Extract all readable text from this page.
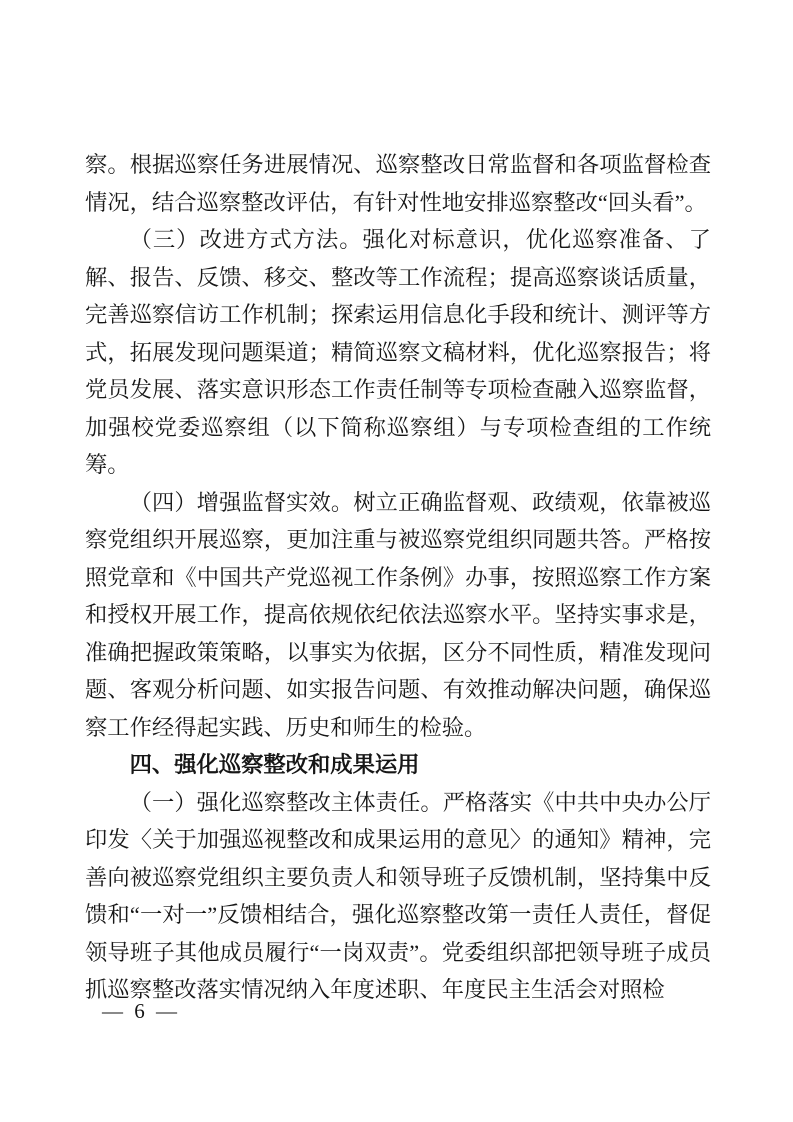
察。根据巡察任务进展情况、巡察整改日常监督和各项监督检查情况，结合巡察整改评估，有针对性地安排巡察整改“回头看”。

（三）改进方式方法。强化对标意识，优化巡察准备、了解、报告、反馈、移交、整改等工作流程；提高巡察谈话质量，完善巡察信访工作机制；探索运用信息化手段和统计、测评等方式，拓展发现问题渠道；精简巡察文稿材料，优化巡察报告；将党员发展、落实意识形态工作责任制等专项检查融入巡察监督，加强校党委巡察组（以下简称巡察组）与专项检查组的工作统筹。

（四）增强监督实效。树立正确监督观、政绩观，依靠被巡察党组织开展巡察，更加注重与被巡察党组织同题共答。严格按照党章和《中国共产党巡视工作条例》办事，按照巡察工作方案和授权开展工作，提高依规依纪依法巡察水平。坚持实事求是，准确把握政策策略，以事实为依据，区分不同性质，精准发现问题、客观分析问题、如实报告问题、有效推动解决问题，确保巡察工作经得起实践、历史和师生的检验。

四、强化巡察整改和成果运用

（一）强化巡察整改主体责任。严格落实《中共中央办公厅印发〈关于加强巡视整改和成果运用的意见〉的通知》精神，完善向被巡察党组织主要负责人和领导班子反馈机制，坚持集中反馈和“一对一”反馈相结合，强化巡察整改第一责任人责任，督促领导班子其他成员履行“一岗双责”。党委组织部把领导班子成员抓巡察整改落实情况纳入年度述职、年度民主生活会对照检

— 6 —
